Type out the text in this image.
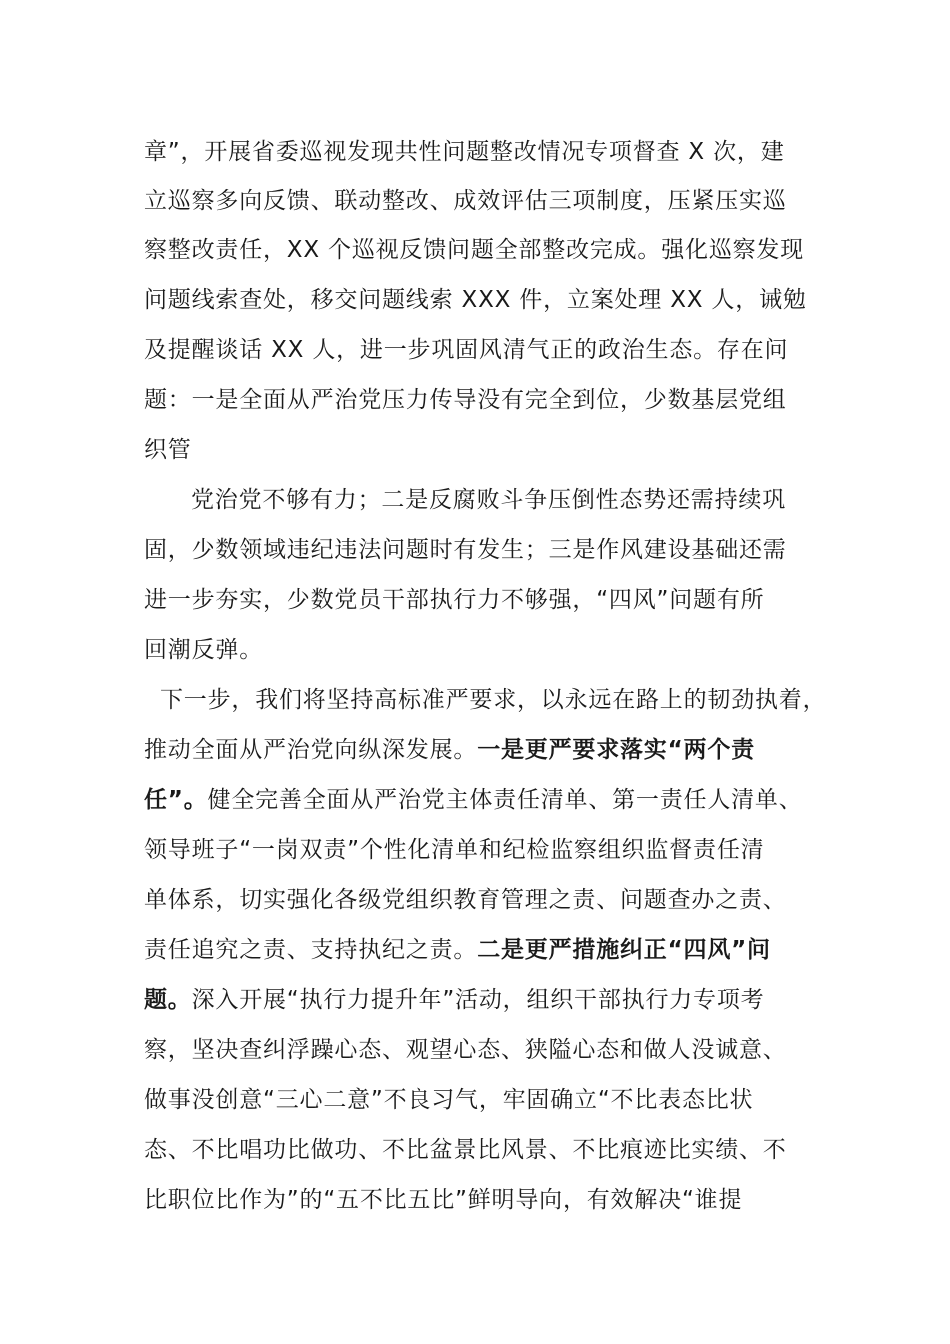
章”，开展省委巡视发现共性问题整改情况专项督查 X 次，建
立巡察多向反馈、联动整改、成效评估三项制度，压紧压实巡
察整改责任，XX 个巡视反馈问题全部整改完成。强化巡察发现
问题线索查处，移交问题线索 XXX 件，立案处理 XX 人，诫勉
及提醒谈话 XX 人，进一步巩固风清气正的政治生态。存在问
题：一是全面从严治党压力传导没有完全到位，少数基层党组
织管
党治党不够有力；二是反腐败斗争压倒性态势还需持续巩
固，少数领域违纪违法问题时有发生；三是作风建设基础还需
进一步夯实，少数党员干部执行力不够强，“四风”问题有所
回潮反弹。
下一步，我们将坚持高标准严要求，以永远在路上的韧劲执着，
推动全面从严治党向纵深发展。一是更严要求落实“两个责
任”。健全完善全面从严治党主体责任清单、第一责任人清单、
领导班子“一岗双责”个性化清单和纪检监察组织监督责任清
单体系，切实强化各级党组织教育管理之责、问题查办之责、
责任追究之责、支持执纪之责。二是更严措施纠正“四风”问
题。深入开展“执行力提升年”活动，组织干部执行力专项考
察，坚决查纠浮躁心态、观望心态、狭隘心态和做人没诚意、
做事没创意“三心二意”不良习气，牢固确立“不比表态比状
态、不比唱功比做功、不比盆景比风景、不比痕迹比实绩、不
比职位比作为”的“五不比五比”鲜明导向，有效解决“谁提
